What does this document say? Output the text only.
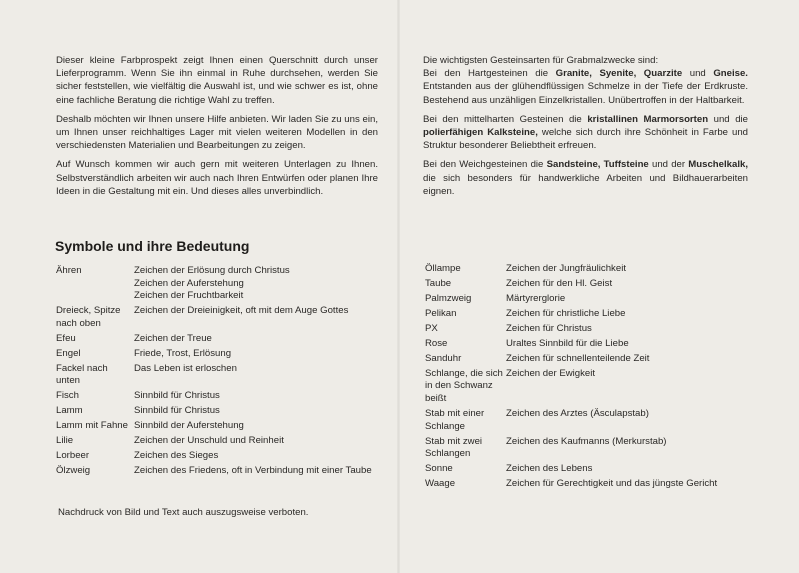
Dieser kleine Farbprospekt zeigt Ihnen einen Querschnitt durch unser Lieferprogramm. Wenn Sie ihn einmal in Ruhe durchsehen, werden Sie sicher feststellen, wie vielfältig die Auswahl ist, und wie schwer es ist, ohne eine fachliche Beratung die richtige Wahl zu treffen.

Deshalb möchten wir Ihnen unsere Hilfe anbieten. Wir laden Sie zu uns ein, um Ihnen unser reichhaltiges Lager mit vielen weiteren Modellen in den verschiedensten Materialien und Bearbeitungen zu zeigen.

Auf Wunsch kommen wir auch gern mit weiteren Unterlagen zu Ihnen. Selbstverständlich arbeiten wir auch nach Ihren Entwürfen oder planen Ihre Ideen in die Gestaltung mit ein. Und dieses alles unverbindlich.

Die wichtigsten Gesteinsarten für Grabmalzwecke sind:

Bei den Hartgesteinen die Granite, Syenite, Quarzite und Gneise. Entstanden aus der glühendflüssigen Schmelze in der Tiefe der Erdkruste. Bestehend aus unzähligen Einzelkristallen. Unübertroffen in der Haltbarkeit.

Bei den mittelharten Gesteinen die kristallinen Marmorsorten und die polierfähigen Kalksteine, welche sich durch ihre Schönheit in Farbe und Struktur besonderer Beliebtheit erfreuen.

Bei den Weichgesteinen die Sandsteine, Tuffsteine und der Muschelkalk, die sich besonders für handwerkliche Arbeiten und Bildhauerarbeiten eignen.

Symbole und ihre Bedeutung
Ähren	Zeichen der Erlösung durch Christus
Zeichen der Auferstehung
Zeichen der Fruchtbarkeit
Dreieck, Spitze nach oben	Zeichen der Dreieinigkeit, oft mit dem Auge Gottes
Efeu	Zeichen der Treue
Engel	Friede, Trost, Erlösung
Fackel nach unten	Das Leben ist erloschen
Fisch	Sinnbild für Christus
Lamm	Sinnbild für Christus
Lamm mit Fahne	Sinnbild der Auferstehung
Lilie	Zeichen der Unschuld und Reinheit
Lorbeer	Zeichen des Sieges
Ölzweig	Zeichen des Friedens, oft in Verbindung mit einer Taube
Öllampe	Zeichen der Jungfräulichkeit
Taube	Zeichen für den Hl. Geist
Palmzweig	Märtyrerglorie
Pelikan	Zeichen für christliche Liebe
PX	Zeichen für Christus
Rose	Uraltes Sinnbild für die Liebe
Sanduhr	Zeichen für schnellenteilende Zeit
Schlange, die sich in den Schwanz beißt	Zeichen der Ewigkeit
Stab mit einer Schlange	Zeichen des Arztes (Äsculapstab)
Stab mit zwei Schlangen	Zeichen des Kaufmanns (Merkurstab)
Sonne	Zeichen des Lebens
Waage	Zeichen für Gerechtigkeit und das jüngste Gericht
Nachdruck von Bild und Text auch auszugsweise verboten.
